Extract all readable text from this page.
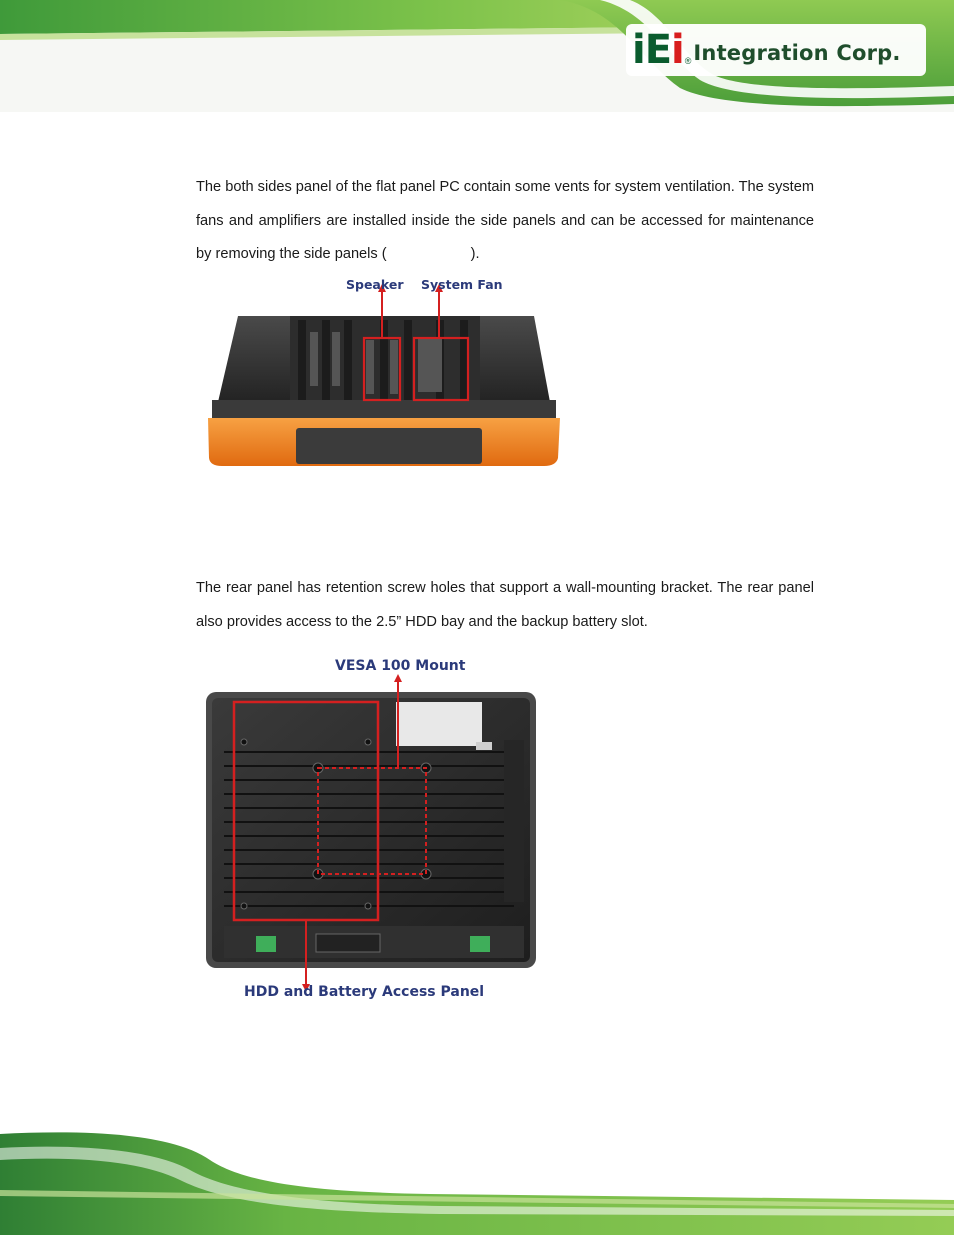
iEi ® Integration Corp.

The both sides panel of the flat panel PC contain some vents for system ventilation. The system fans and amplifiers are installed inside the side panels and can be accessed for maintenance by removing the side panels (	).

Speaker System Fan

The rear panel has retention screw holes that support a wall-mounting bracket. The rear panel also provides access to the 2.5” HDD bay and the backup battery slot.

VESA 100 Mount
HDD and Battery Access Panel
